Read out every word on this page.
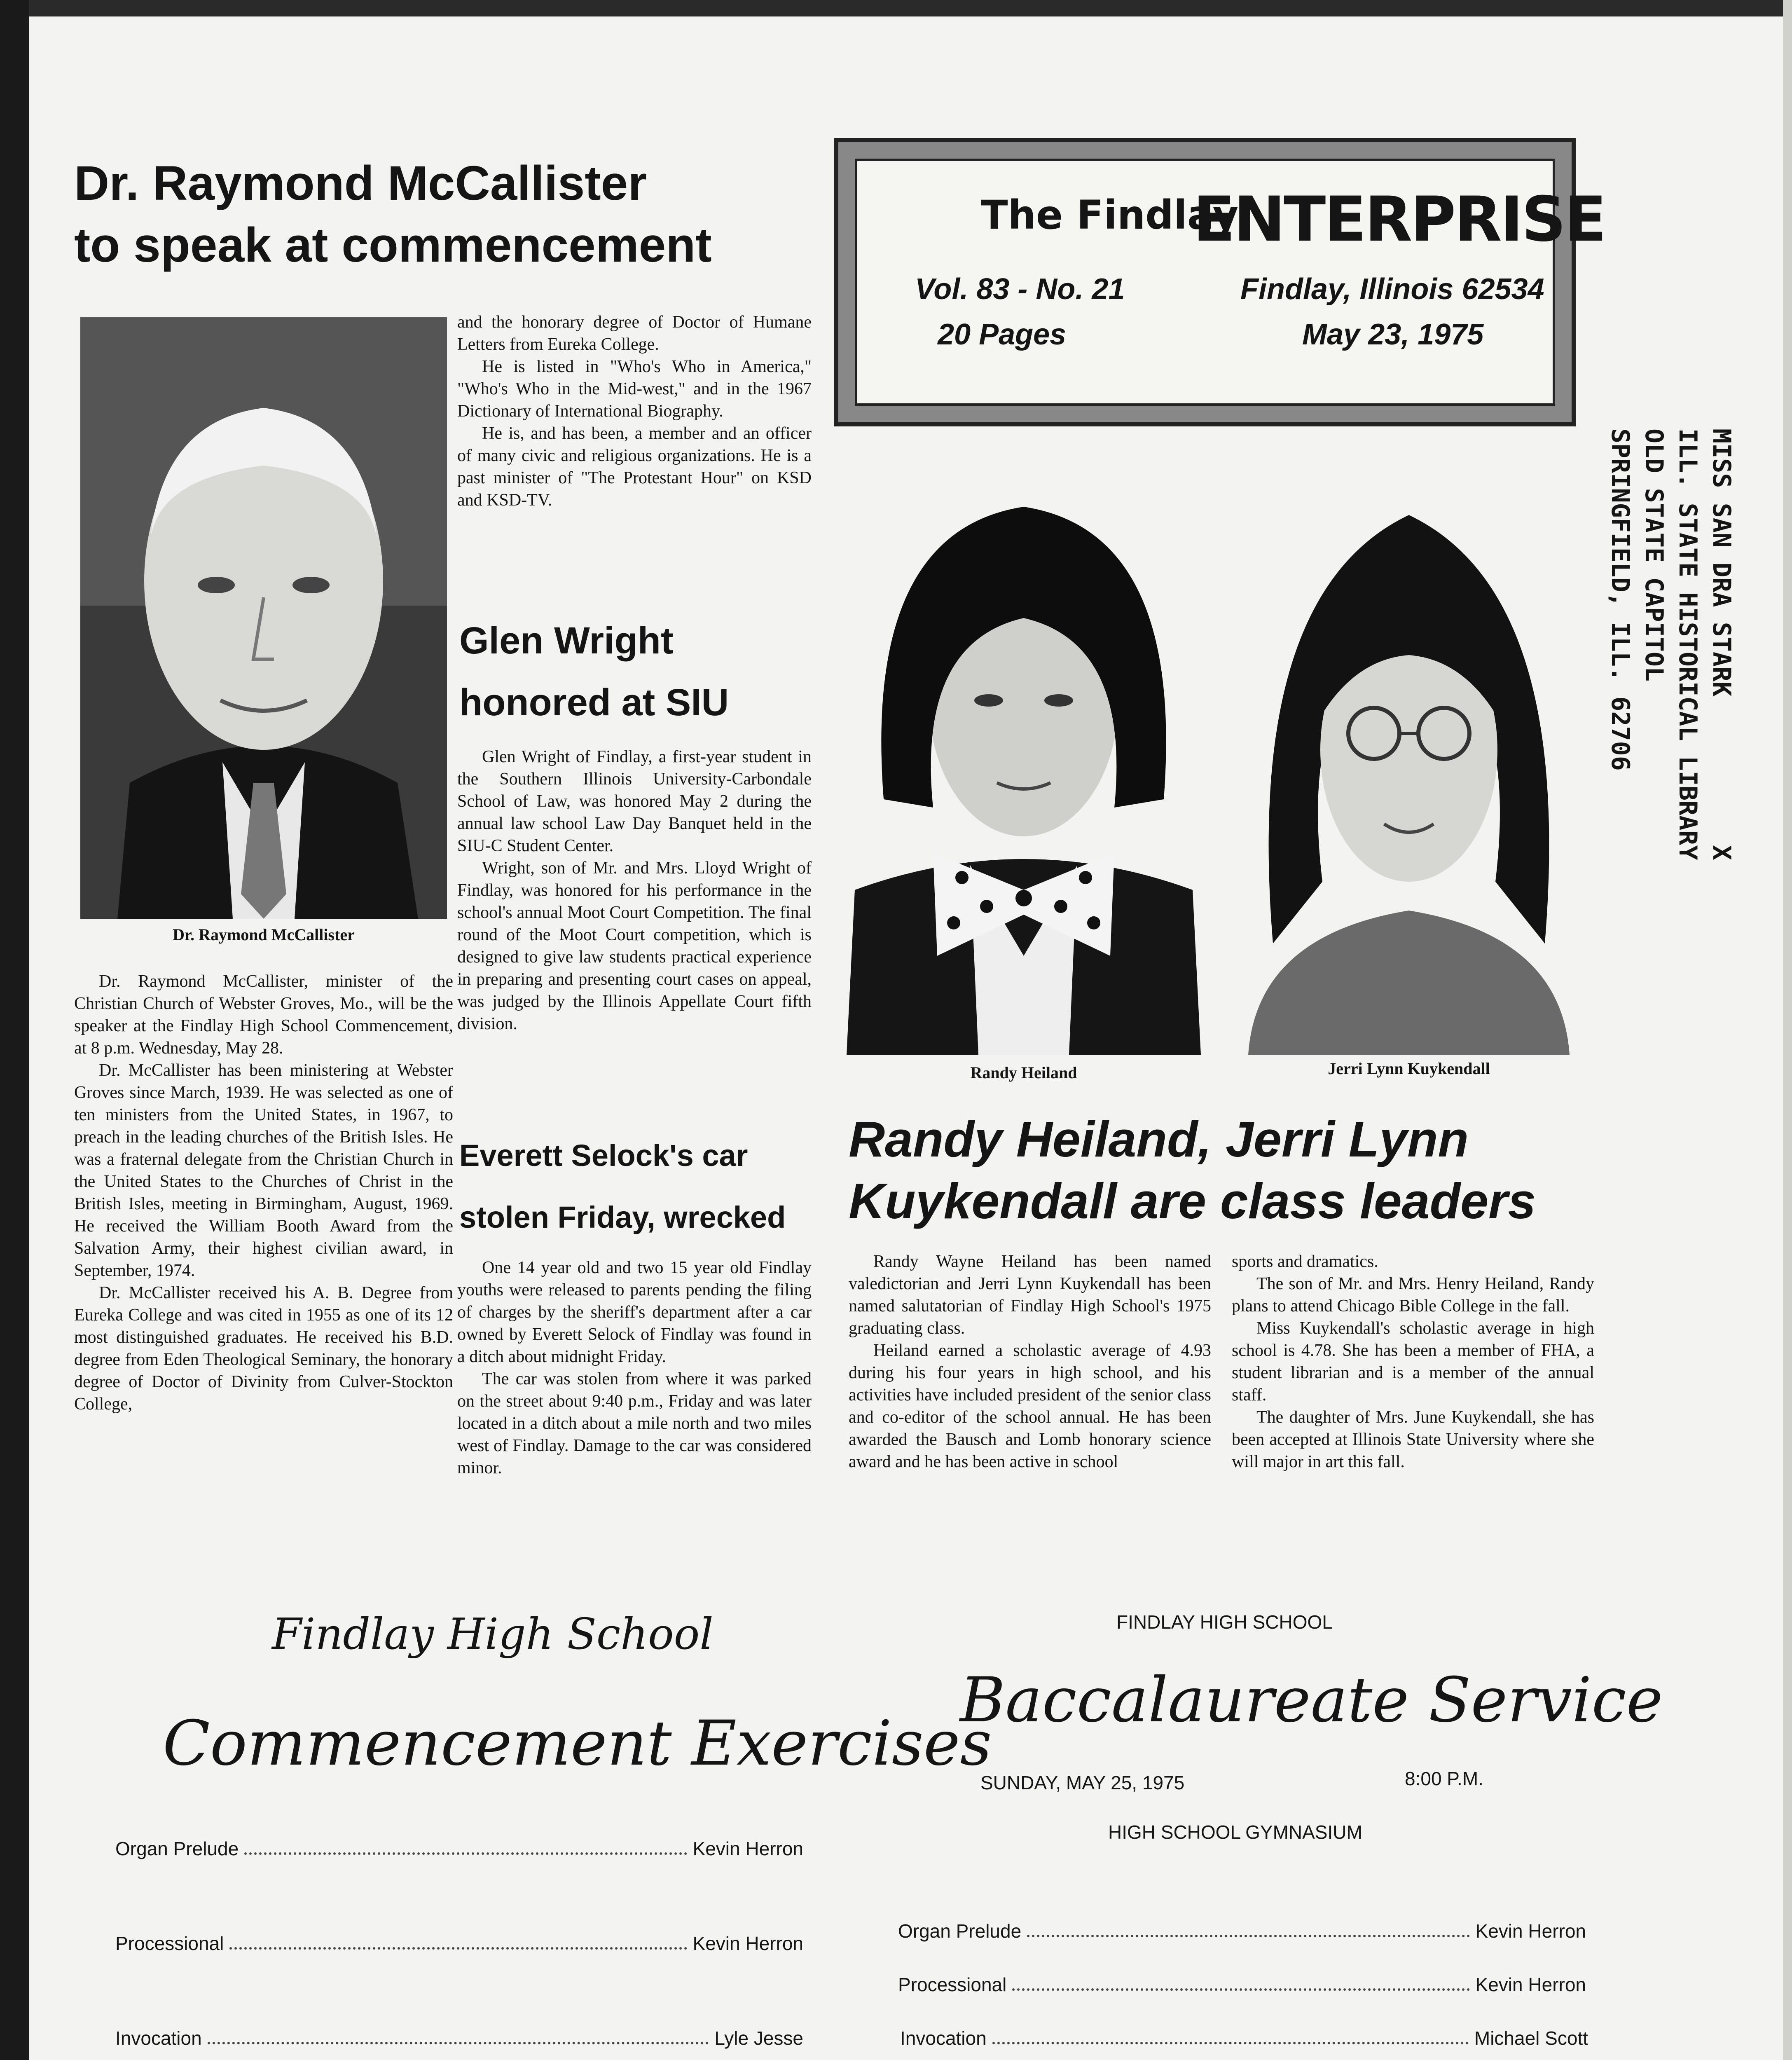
Dr. Raymond McCallister
to speak at commencement
Dr. Raymond McCallister

Dr. Raymond McCallister, minister of the Christian Church of Webster Groves, Mo., will be the speaker at the Findlay High School Commencement, at 8 p.m. Wednesday, May 28.

Dr. McCallister has been ministering at Webster Groves since March, 1939. He was selected as one of ten ministers from the United States, in 1967, to preach in the leading churches of the British Isles. He was a fraternal delegate from the Christian Church in the United States to the Churches of Christ in the British Isles, meeting in Birmingham, August, 1969. He received the William Booth Award from the Salvation Army, their highest civilian award, in September, 1974.

Dr. McCallister received his A. B. Degree from Eureka College and was cited in 1955 as one of its 12 most distinguished graduates. He received his B.D. degree from Eden Theological Seminary, the honorary degree of Doctor of Divinity from Culver-Stockton College,

and the honorary degree of Doctor of Humane Letters from Eureka College.

He is listed in "Who's Who in America," "Who's Who in the Mid-west," and in the 1967 Dictionary of International Biography.

He is, and has been, a member and an officer of many civic and religious organizations. He is a past minister of "The Protestant Hour" on KSD and KSD-TV.

Glen Wright
honored at SIU

Glen Wright of Findlay, a first-year student in the Southern Illinois University-Carbondale School of Law, was honored May 2 during the annual law school Law Day Banquet held in the SIU-C Student Center.

Wright, son of Mr. and Mrs. Lloyd Wright of Findlay, was honored for his performance in the school's annual Moot Court Competition. The final round of the Moot Court competition, which is designed to give law students practical experience in preparing and presenting court cases on appeal, was judged by the Illinois Appellate Court fifth division.

Everett Selock's car
stolen Friday, wrecked

One 14 year old and two 15 year old Findlay youths were released to parents pending the filing of charges by the sheriff's department after a car owned by Everett Selock of Findlay was found in a ditch about midnight Friday.

The car was stolen from where it was parked on the street about 9:40 p.m., Friday and was later located in a ditch about a mile north and two miles west of Findlay. Damage to the car was considered minor.

The Findlay
ENTERPRISE
Vol. 83 - No. 21
20 Pages
Findlay, Illinois 62534
May 23, 1975
MISS SAN DRA STARK          X
ILL. STATE HISTORICAL LIBRARY
OLD STATE CAPITOL
SPRINGFIELD, ILL. 62706
Randy Heiland	Jerri Lynn Kuykendall
Randy Heiland, Jerri Lynn
Kuykendall are class leaders

Randy Wayne Heiland has been named valedictorian and Jerri Lynn Kuykendall has been named salutatorian of Findlay High School's 1975 graduating class.

Heiland earned a scholastic average of 4.93 during his four years in high school, and his activities have included president of the senior class and co-editor of the school annual. He has been awarded the Bausch and Lomb honorary science award and he has been active in school

sports and dramatics.

The son of Mr. and Mrs. Henry Heiland, Randy plans to attend Chicago Bible College in the fall.

Miss Kuykendall's scholastic average in high school is 4.78. She has been a member of FHA, a student librarian and is a member of the annual staff.

The daughter of Mrs. June Kuykendall, she has been accepted at Illinois State University where she will major in art this fall.

Findlay High School
Commencement Exercises
Organ Prelude	Kevin Herron
Processional	Kevin Herron
Invocation	Lyle Jesse
FINDLAY HIGH SCHOOL
Baccalaureate Service
SUNDAY, MAY 25, 1975	8:00 P.M.
HIGH SCHOOL GYMNASIUM
Organ Prelude	Kevin Herron
Processional	Kevin Herron
Invocation	Michael Scott
